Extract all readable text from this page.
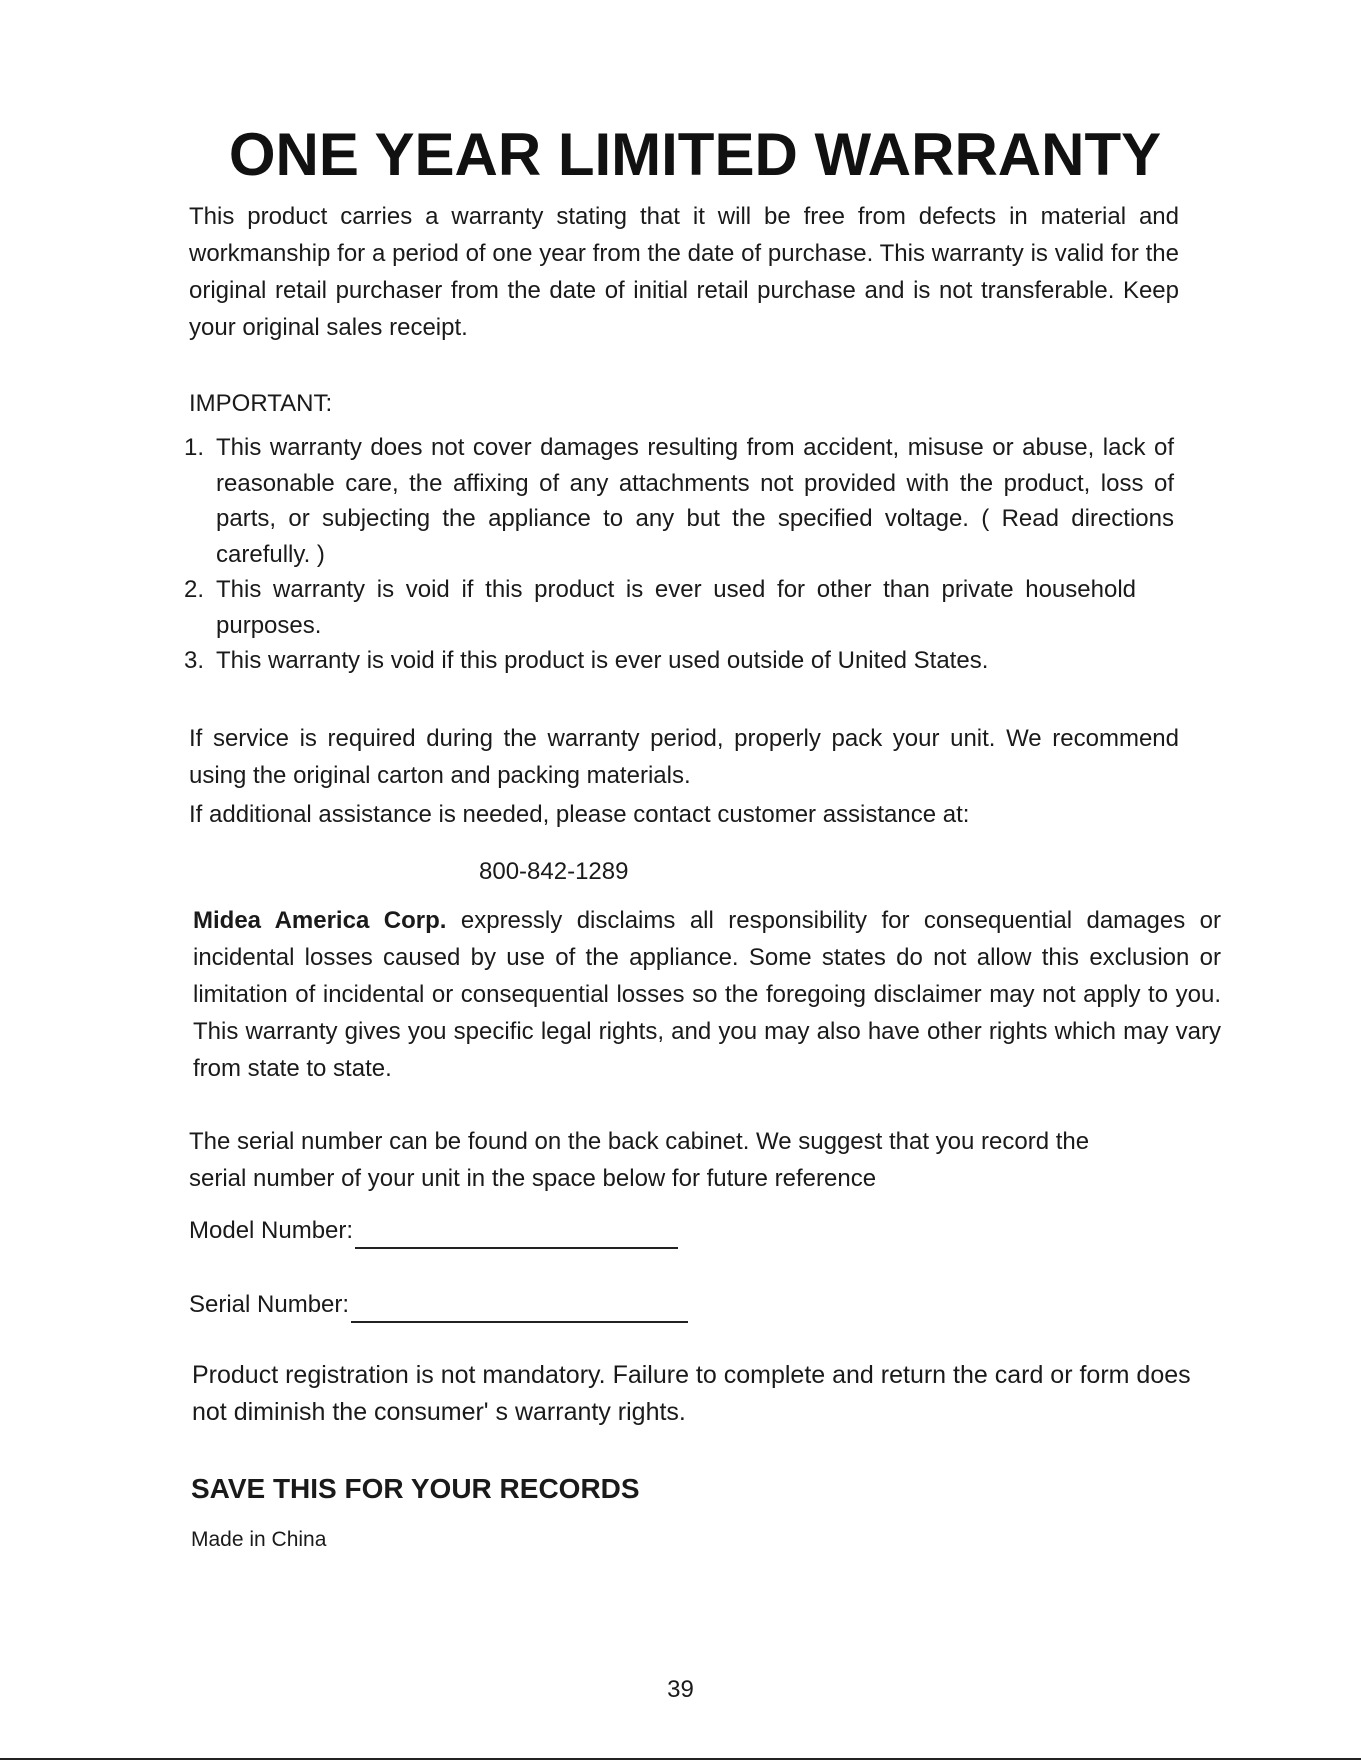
ONE YEAR LIMITED WARRANTY

This product carries a warranty stating that it will be free from defects in material and workmanship for a period of one year from the date of purchase. This warranty is valid for the original retail purchaser from the date of initial retail purchase and is not transferable. Keep your original sales receipt.

IMPORTANT:

1. This warranty does not cover damages resulting from accident, misuse or abuse, lack of reasonable care, the affixing of any attachments not provided with the product, loss of parts, or subjecting the appliance to any but the specified voltage. ( Read directions carefully. )
2. This warranty is void if this product is ever used for other than private household purposes.
3. This warranty is void if this product is ever used outside of United States.

If service is required during the warranty period, properly pack your unit. We recommend using the original carton and packing materials.

If additional assistance is needed, please contact customer assistance at:

800-842-1289

Midea America Corp. expressly disclaims all responsibility for consequential damages or incidental losses caused by use of the appliance. Some states do not allow this exclusion or limitation of incidental or consequential losses so the foregoing disclaimer may not apply to you. This warranty gives you specific legal rights, and you may also have other rights which may vary from state to state.

The serial number can be found on the back cabinet. We suggest that you record the serial number of your unit in the space below for future reference

Model Number:
Serial Number:

Product registration is not mandatory. Failure to complete and return the card or form does not diminish the consumer' s warranty rights.

SAVE THIS FOR YOUR RECORDS

Made in China

39
